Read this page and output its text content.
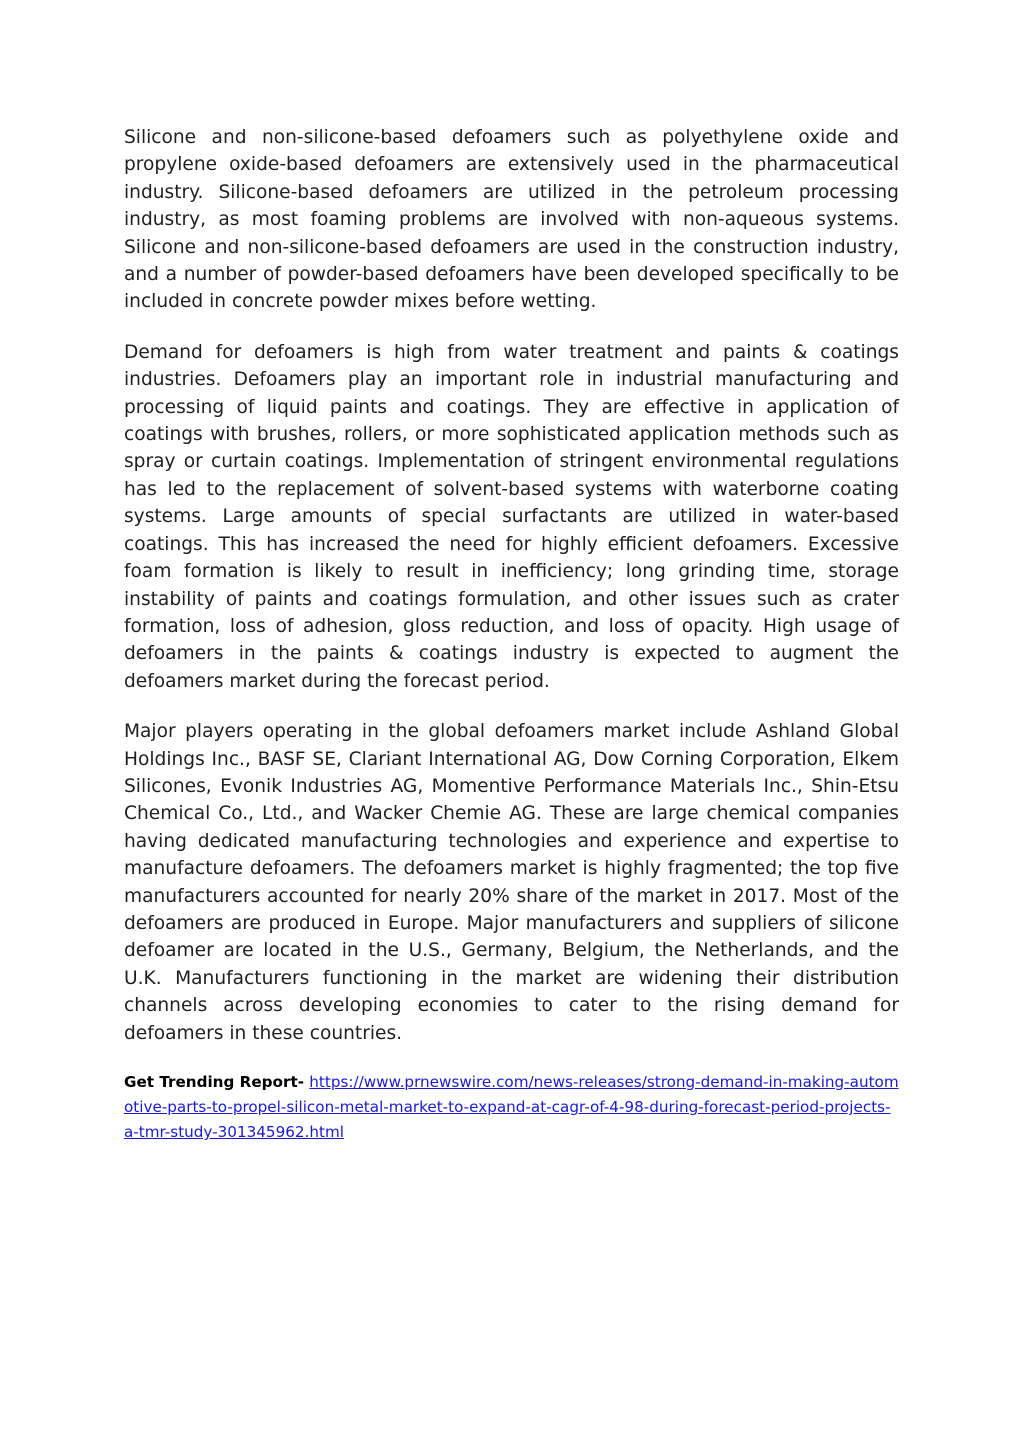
Silicone and non-silicone-based defoamers such as polyethylene oxide and propylene oxide-based defoamers are extensively used in the pharmaceutical industry. Silicone-based defoamers are utilized in the petroleum processing industry, as most foaming problems are involved with non-aqueous systems. Silicone and non-silicone-based defoamers are used in the construction industry, and a number of powder-based defoamers have been developed specifically to be included in concrete powder mixes before wetting.

Demand for defoamers is high from water treatment and paints & coatings industries. Defoamers play an important role in industrial manufacturing and processing of liquid paints and coatings. They are effective in application of coatings with brushes, rollers, or more sophisticated application methods such as spray or curtain coatings. Implementation of stringent environmental regulations has led to the replacement of solvent-based systems with waterborne coating systems. Large amounts of special surfactants are utilized in water-based coatings. This has increased the need for highly efficient defoamers. Excessive foam formation is likely to result in inefficiency; long grinding time, storage instability of paints and coatings formulation, and other issues such as crater formation, loss of adhesion, gloss reduction, and loss of opacity. High usage of defoamers in the paints & coatings industry is expected to augment the defoamers market during the forecast period.

Major players operating in the global defoamers market include Ashland Global Holdings Inc., BASF SE, Clariant International AG, Dow Corning Corporation, Elkem Silicones, Evonik Industries AG, Momentive Performance Materials Inc., Shin-Etsu Chemical Co., Ltd., and Wacker Chemie AG. These are large chemical companies having dedicated manufacturing technologies and experience and expertise to manufacture defoamers. The defoamers market is highly fragmented; the top five manufacturers accounted for nearly 20% share of the market in 2017. Most of the defoamers are produced in Europe. Major manufacturers and suppliers of silicone defoamer are located in the U.S., Germany, Belgium, the Netherlands, and the U.K. Manufacturers functioning in the market are widening their distribution channels across developing economies to cater to the rising demand for defoamers in these countries.

Get Trending Report- https://www.prnewswire.com/news-releases/strong-demand-in-making-automotive-parts-to-propel-silicon-metal-market-to-expand-at-cagr-of-4-98-during-forecast-period-projects-a-tmr-study-301345962.html
